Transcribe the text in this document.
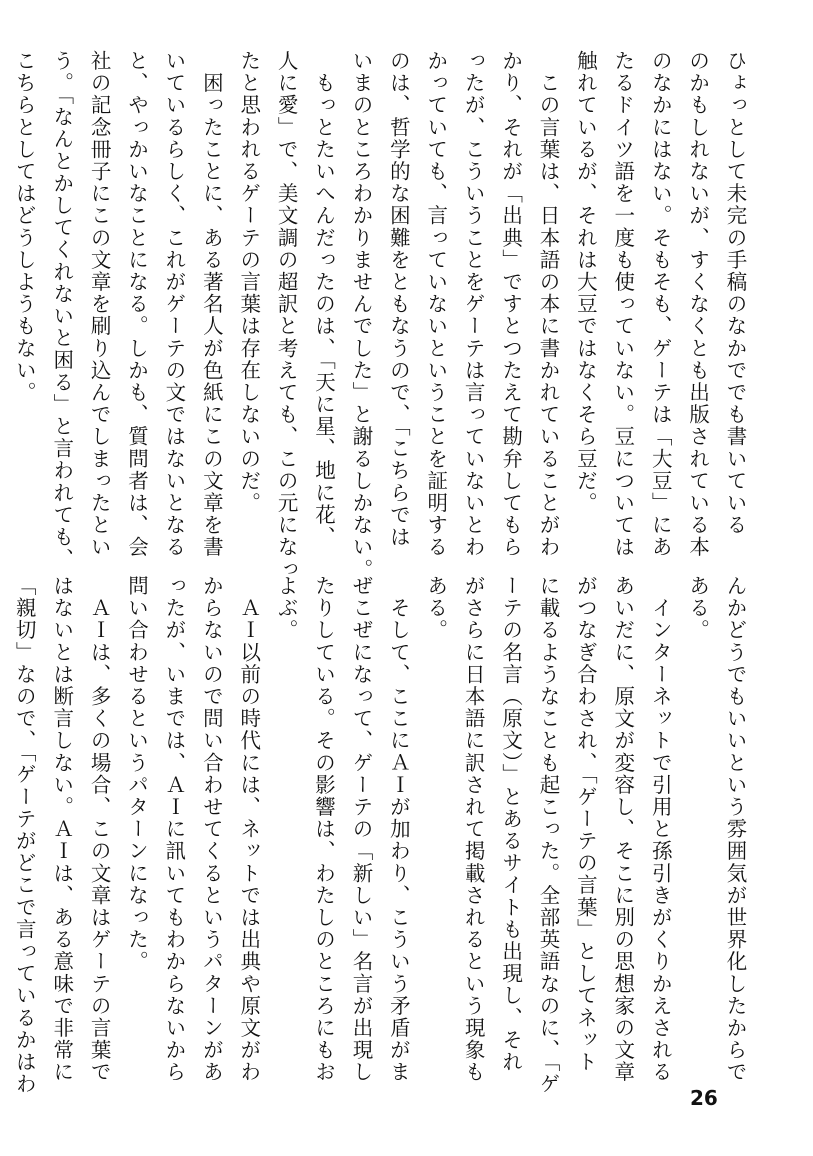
ひょっとして未完の手稿のなかででも書いている
のかもしれないが、すくなくとも出版されている本
のなかにはない。そもそも、ゲーテは「大豆」にあ
たるドイツ語を一度も使っていない。豆については
触れているが、それは大豆ではなくそら豆だ。
　この言葉は、日本語の本に書かれていることがわ
かり、それが「出典」ですとつたえて勘弁してもら
ったが、こういうことをゲーテは言っていないとわ
かっていても、言っていないということを証明する
のは、哲学的な困難をともなうので、「こちらでは
いまのところわかりませんでした」と謝るしかない。
　もっとたいへんだったのは、「天に星、地に花、
人に愛」で、美文調の超訳と考えても、この元になっ
たと思われるゲーテの言葉は存在しないのだ。
　困ったことに、ある著名人が色紙にこの文章を書
いているらしく、これがゲーテの文ではないとなる
と、やっかいなことになる。しかも、質問者は、会
社の記念冊子にこの文章を刷り込んでしまったとい
う。「なんとかしてくれないと困る」と言われても、
こちらとしてはどうしようもない。
んかどうでもいいという雰囲気が世界化したからで
ある。
　インターネットで引用と孫引きがくりかえされる
あいだに、原文が変容し、そこに別の思想家の文章
がつなぎ合わされ、「ゲーテの言葉」としてネット
に載るようなことも起こった。全部英語なのに、「ゲ
ーテの名言（原文）」とあるサイトも出現し、それ
がさらに日本語に訳されて掲載されるという現象も
ある。
　そして、ここにＡＩが加わり、こういう矛盾がま
ぜこぜになって、ゲーテの「新しい」名言が出現し
たりしている。その影響は、わたしのところにもお
よぶ。
　ＡＩ以前の時代には、ネットでは出典や原文がわ
からないので問い合わせてくるというパターンがあ
ったが、いまでは、ＡＩに訊いてもわからないから
問い合わせるというパターンになった。
　ＡＩは、多くの場合、この文章はゲーテの言葉で
はないとは断言しない。ＡＩは、ある意味で非常に
「親切」なので、「ゲーテがどこで言っているかはわ
26
